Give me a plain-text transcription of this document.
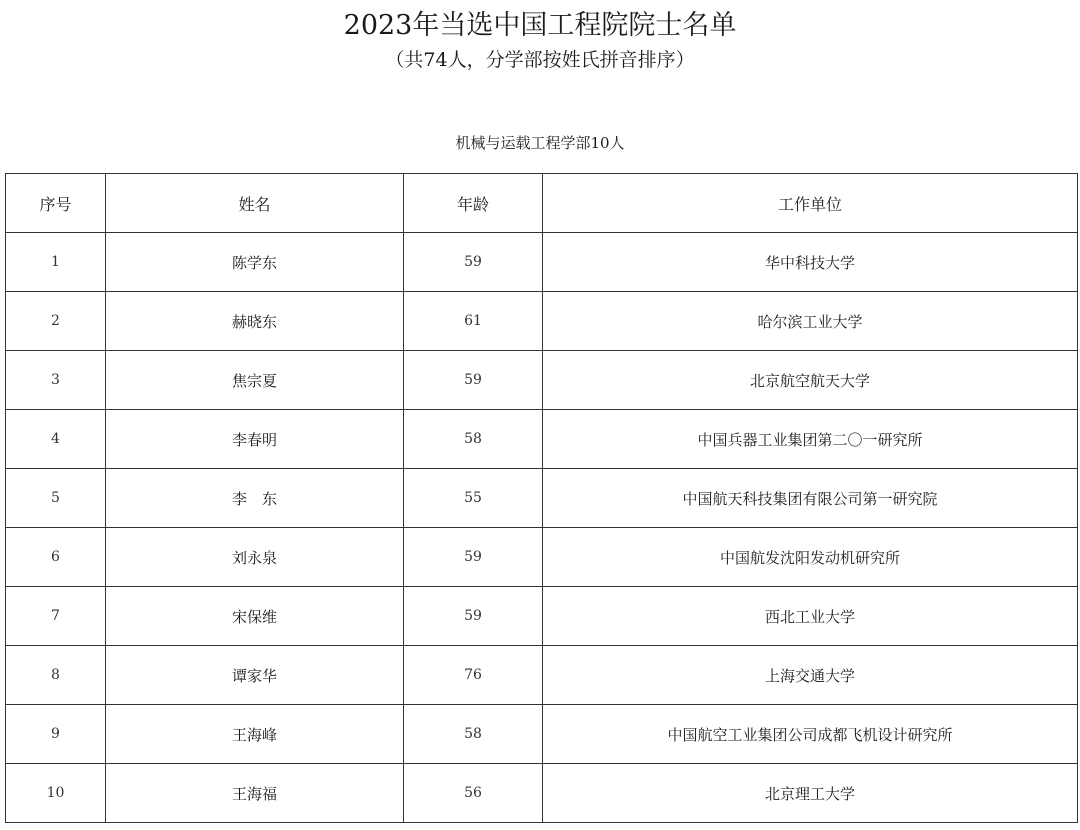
2023年当选中国工程院院士名单
（共74人，分学部按姓氏拼音排序）
机械与运载工程学部10人
序号	姓名	年龄	工作单位
1	陈学东	59	华中科技大学
2	赫晓东	61	哈尔滨工业大学
3	焦宗夏	59	北京航空航天大学
4	李春明	58	中国兵器工业集团第二〇一研究所
5	李　东	55	中国航天科技集团有限公司第一研究院
6	刘永泉	59	中国航发沈阳发动机研究所
7	宋保维	59	西北工业大学
8	谭家华	76	上海交通大学
9	王海峰	58	中国航空工业集团公司成都飞机设计研究所
10	王海福	56	北京理工大学
